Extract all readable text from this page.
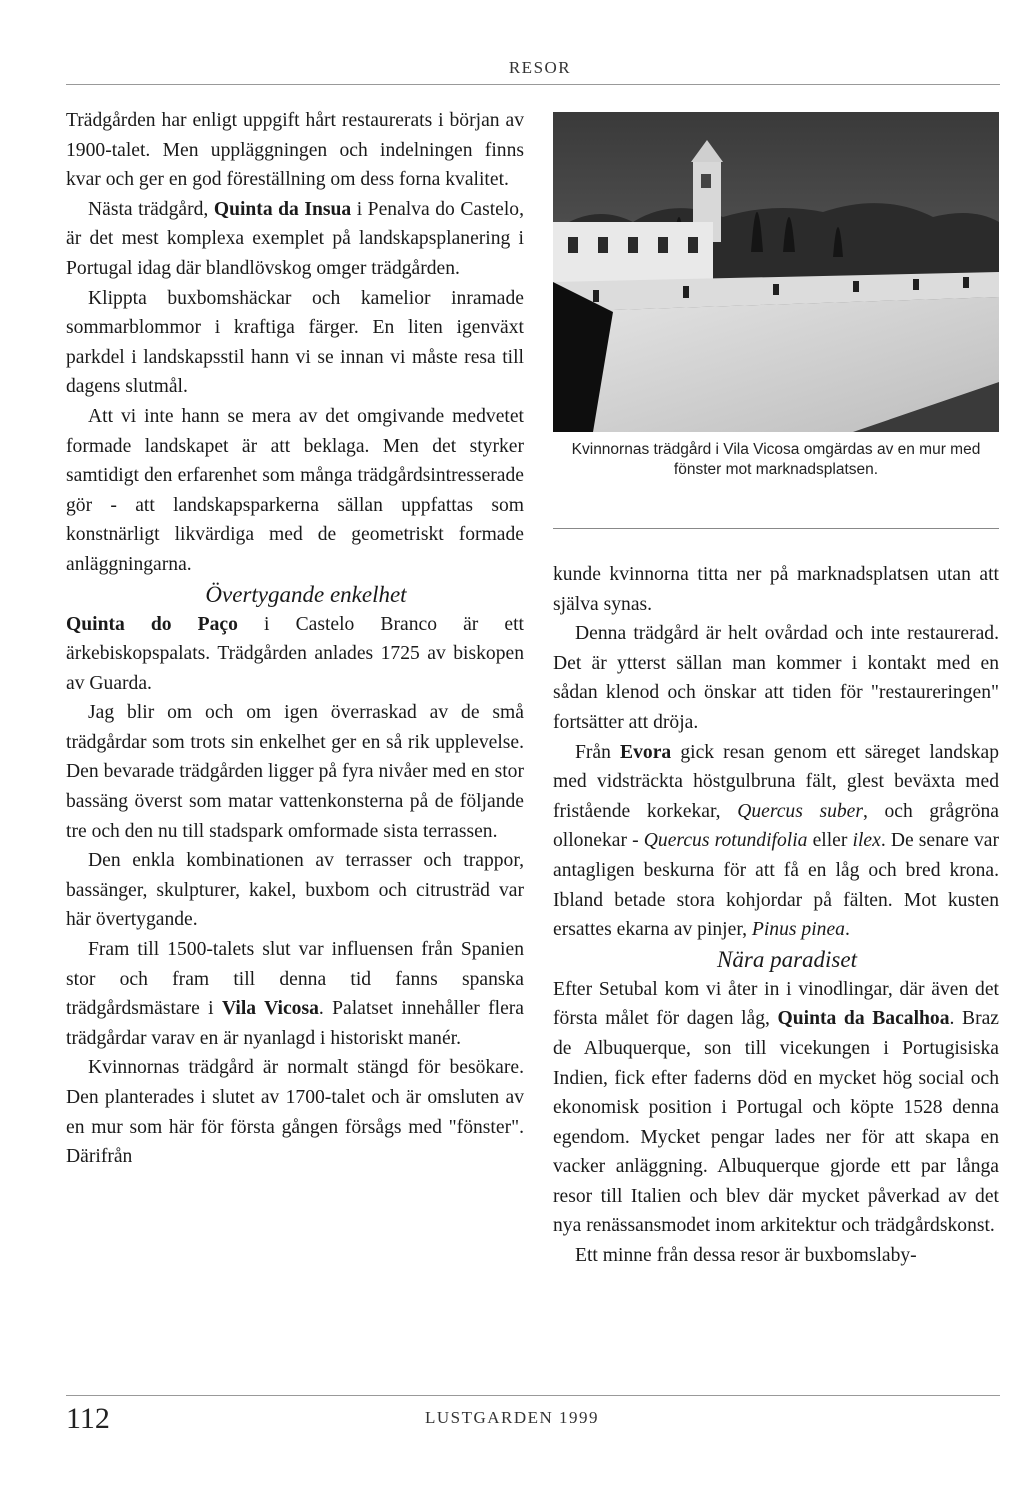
RESOR

Trädgården har enligt uppgift hårt restaurerats i början av 1900-talet. Men uppläggningen och indelningen finns kvar och ger en god föreställning om dess forna kvalitet.

Nästa trädgård, Quinta da Insua i Penalva do Castelo, är det mest komplexa exemplet på landskapsplanering i Portugal idag där blandlövskog omger trädgården.

Klippta buxbomshäckar och kamelior inramade sommarblommor i kraftiga färger. En liten igenväxt parkdel i landskapsstil hann vi se innan vi måste resa till dagens slutmål.

Att vi inte hann se mera av det omgivande medvetet formade landskapet är att beklaga. Men det styrker samtidigt den erfarenhet som många trädgårdsintresserade gör - att landskapsparkerna sällan uppfattas som konstnärligt likvärdiga med de geometriskt formade anläggningarna.

Övertygande enkelhet

Quinta do Paço i Castelo Branco är ett ärkebiskopspalats. Trädgården anlades 1725 av biskopen av Guarda.

Jag blir om och om igen överraskad av de små trädgårdar som trots sin enkelhet ger en så rik upplevelse. Den bevarade trädgården ligger på fyra nivåer med en stor bassäng överst som matar vattenkonsterna på de följande tre och den nu till stadspark omformade sista terrassen.

Den enkla kombinationen av terrasser och trappor, bassänger, skulpturer, kakel, buxbom och citrusträd var här övertygande.

Fram till 1500-talets slut var influensen från Spanien stor och fram till denna tid fanns spanska trädgårdsmästare i Vila Vicosa. Palatset innehåller flera trädgårdar varav en är nyanlagd i historiskt manér.

Kvinnornas trädgård är normalt stängd för besökare. Den planterades i slutet av 1700-talet och är omsluten av en mur som här för första gången försågs med "fönster". Därifrån

Kvinnornas trädgård i Vila Vicosa omgärdas av en mur med fönster mot marknadsplatsen.

kunde kvinnorna titta ner på marknadsplatsen utan att själva synas.

Denna trädgård är helt ovårdad och inte restaurerad. Det är ytterst sällan man kommer i kontakt med en sådan klenod och önskar att tiden för "restaureringen" fortsätter att dröja.

Från Evora gick resan genom ett säreget landskap med vidsträckta höstgulbruna fält, glest beväxta med fristående korkekar, Quercus suber, och grågröna ollonekar - Quercus rotundifolia eller ilex. De senare var antagligen beskurna för att få en låg och bred krona. Ibland betade stora kohjordar på fälten. Mot kusten ersattes ekarna av pinjer, Pinus pinea.

Nära paradiset

Efter Setubal kom vi åter in i vinodlingar, där även det första målet för dagen låg, Quinta da Bacalhoa. Braz de Albuquerque, son till vicekungen i Portugisiska Indien, fick efter faderns död en mycket hög social och ekonomisk position i Portugal och köpte 1528 denna egendom. Mycket pengar lades ner för att skapa en vacker anläggning. Albuquerque gjorde ett par långa resor till Italien och blev där mycket påverkad av det nya renässansmodet inom arkitektur och trädgårdskonst.

Ett minne från dessa resor är buxbomslaby-

112	LUSTGARDEN 1999
